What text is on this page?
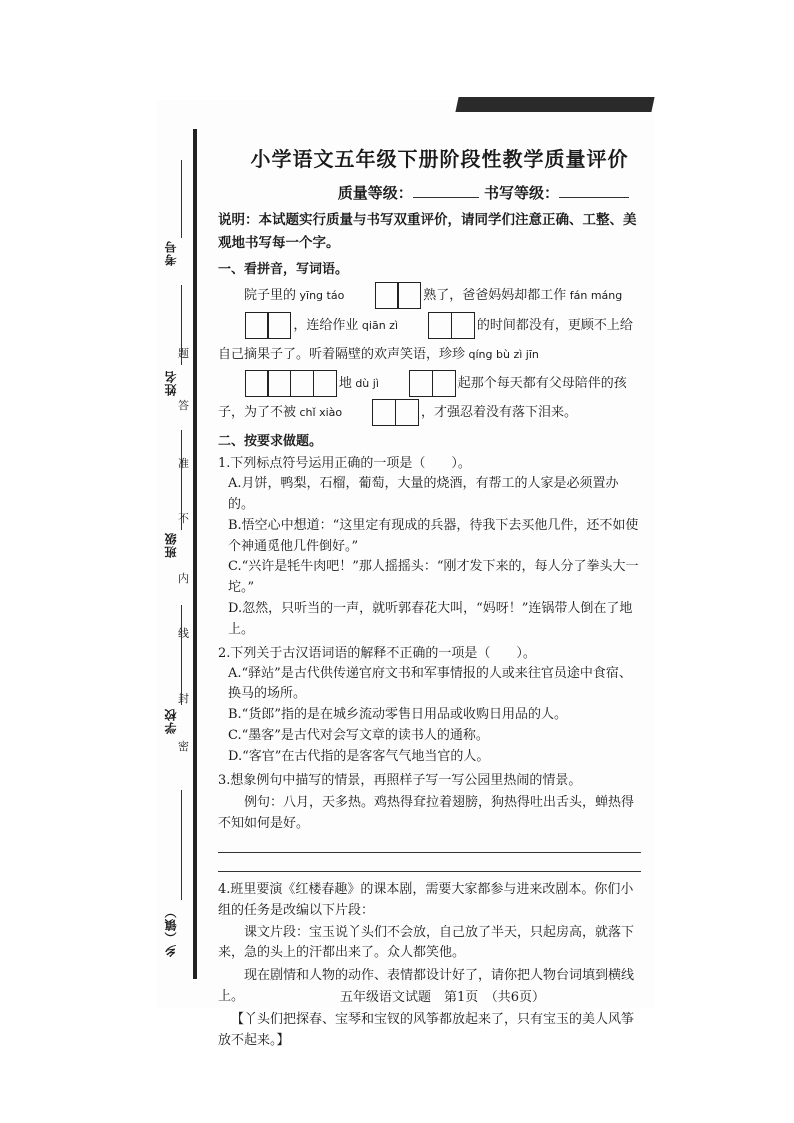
考号
姓名
班级
学校
乡（镇）
题
答
准
不
内
线
封
密
小学语文五年级下册阶段性教学质量评价
质量等级：	书写等级：
说明：本试题实行质量与书写双重评价，请同学们注意正确、工整、美观地书写每一个字。
一、看拼音，写词语。
院子里的 yīng táo	熟了，爸爸妈妈却都工作 fán máng ，连给作业 qiān zì	的时间都没有，更顾不上给自己摘果子了。听着隔壁的欢声笑语，珍珍 qíng bù zì jīn 地 dù jì	起那个每天都有父母陪伴的孩子，为了不被 chǐ xiào	，才强忍着没有落下泪来。
二、按要求做题。
1.下列标点符号运用正确的一项是（　　）。
A.月饼，鸭梨，石榴，葡萄，大量的烧酒，有帮工的人家是必须置办的。
B.悟空心中想道：“这里定有现成的兵器，待我下去买他几件，还不如使个神通觅他几件倒好。”
C.“兴许是牦牛肉吧！”那人摇摇头：“刚才发下来的，每人分了拳头大一坨。”
D.忽然，只听当的一声，就听郭春花大叫，“妈呀！”连锅带人倒在了地上。
2.下列关于古汉语词语的解释不正确的一项是（　　）。
A.“驿站”是古代供传递官府文书和军事情报的人或来往官员途中食宿、换马的场所。
B.“货郎”指的是在城乡流动零售日用品或收购日用品的人。
C.“墨客”是古代对会写文章的读书人的通称。
D.“客官”在古代指的是客客气气地当官的人。
3.想象例句中描写的情景，再照样子写一写公园里热闹的情景。
例句：八月，天多热。鸡热得耷拉着翅膀，狗热得吐出舌头，蝉热得不知如何是好。
4.班里要演《红楼春趣》的课本剧，需要大家都参与进来改剧本。你们小组的任务是改编以下片段：
课文片段：宝玉说丫头们不会放，自己放了半天，只起房高，就落下来，急的头上的汗都出来了。众人都笑他。
现在剧情和人物的动作、表情都设计好了，请你把人物台词填到横线上。
【丫头们把探春、宝琴和宝钗的风筝都放起来了，只有宝玉的美人风筝放不起来。】
五年级语文试题　第1页　（共6页）
